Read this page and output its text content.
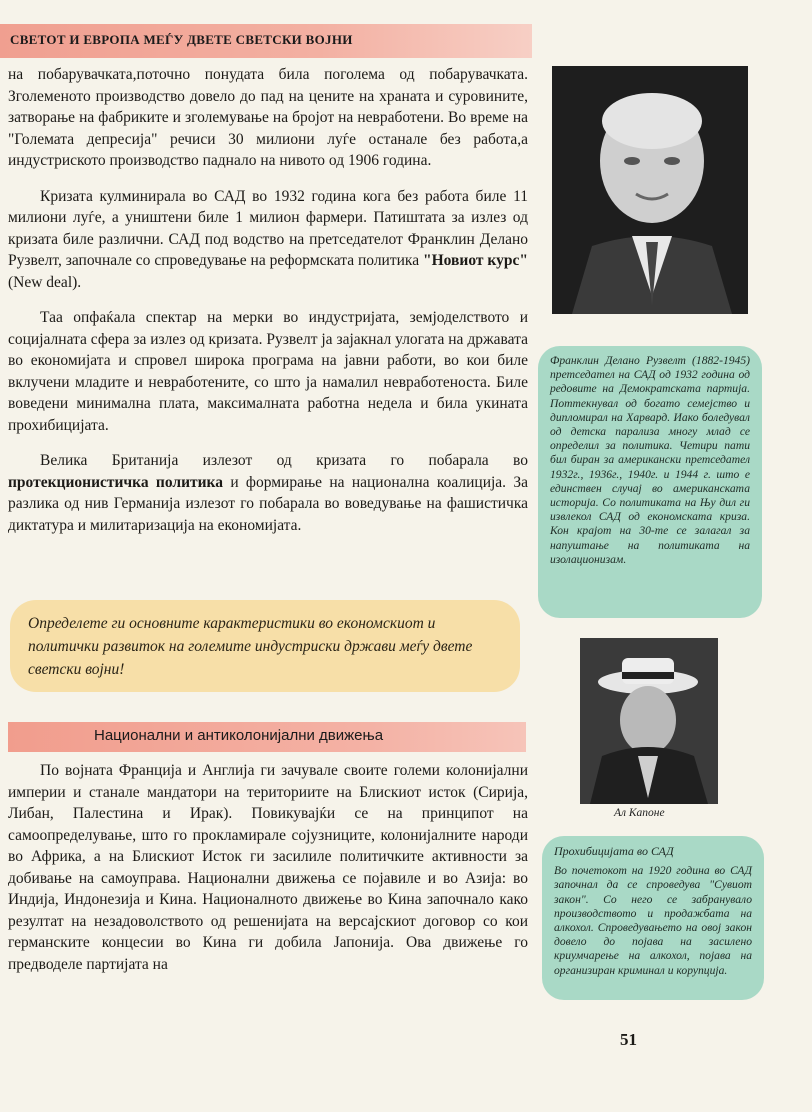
СВЕТОТ И ЕВРОПА МЕЃУ ДВЕТЕ СВЕТСКИ ВОЈНИ

на побарувачката,поточно понудата била поголема од побарувачката. Зголеменото производство довело до пад на цените на храната и суровините, затворање на фабриките и зголемување на бројот на невработени. Во време на "Големата депресија" речиси 30 милиони луѓе останале без работа,а индустриското производство паднало на нивото од 1906 година.

Кризата кулминирала во САД во 1932 година кога без работа биле 11 милиони луѓе, а уништени биле 1 милион фармери. Патиштата за излез од кризата биле различни. САД под водство на претседателот Франклин Делано Рузвелт, започнале со спроведување на реформската политика "Новиот курс"(New deal).

Таа опфаќала спектар на мерки во индустријата, земјоделството и социјалната сфера за излез од кризата. Рузвелт ја зајакнал улогата на државата во економијата и спровел широка програма на јавни работи, во кои биле вклучени младите и невработените, со што ја намалил невработеноста. Биле воведени минимална плата, максималната работна недела и била укината прохибицијата.

Велика Британија излезот од кризата го побарала во протекционистичка политика и формирање на национална коалиција. За разлика од нив Германија излезот го побарала во воведување на фашистичка диктатура и милитаризација на економијата.

Франклин Делано Рузвелт (1882-1945) претседател на САД од 1932 година од редовите на Демократската партија. Поттекнувал од богато семејство и дипломирал на Харвард. Иако боледувал од детска парализа многу млад се определил за политика. Четири пати бил биран за американски претседател 1932г., 1936г., 1940г. и 1944 г. што е единствен случај во американската историја. Со политиката на Њу дил ги извлекол САД од економската криза. Кон крајот на 30-те се залагал за напуштање на политиката на изолационизам.
Определете ги основните карактеристики во економскиот и политички развиток на големите индустриски држави меѓу двете светски војни!
Национални и антиколонијални движења

По војната Франција и Англија ги зачувале своите големи колонијални империи и станале мандатори на териториите на Блискиот исток (Сирија, Либан, Палестина и Ирак). Повикувајќи се на принципот на самоопределување, што го прокламирале сојузниците, колонијалните народи во Африка, а на Блискиот Исток ги засилиле политичките активности за добивање на самоуправа. Национални движења се појавиле и во Азија: во Индија, Индонезија и Кина. Националното движење во Кина започнало како резултат на незадоволството од решенијата на версајскиот договор со кои германските концесии во Кина ги добила Јапонија. Ова движење го предводеле партијата на

Ал Капоне
Прохибицијата во САД
Во почетокот на 1920 година во САД започнал да се спроведува "Сувиот закон". Со него се забранувало производството и продажбата на алкохол. Спроведувањето на овој закон довело до појава на засилено криумчарење на алкохол, појава на организиран криминал и корупција.
51
